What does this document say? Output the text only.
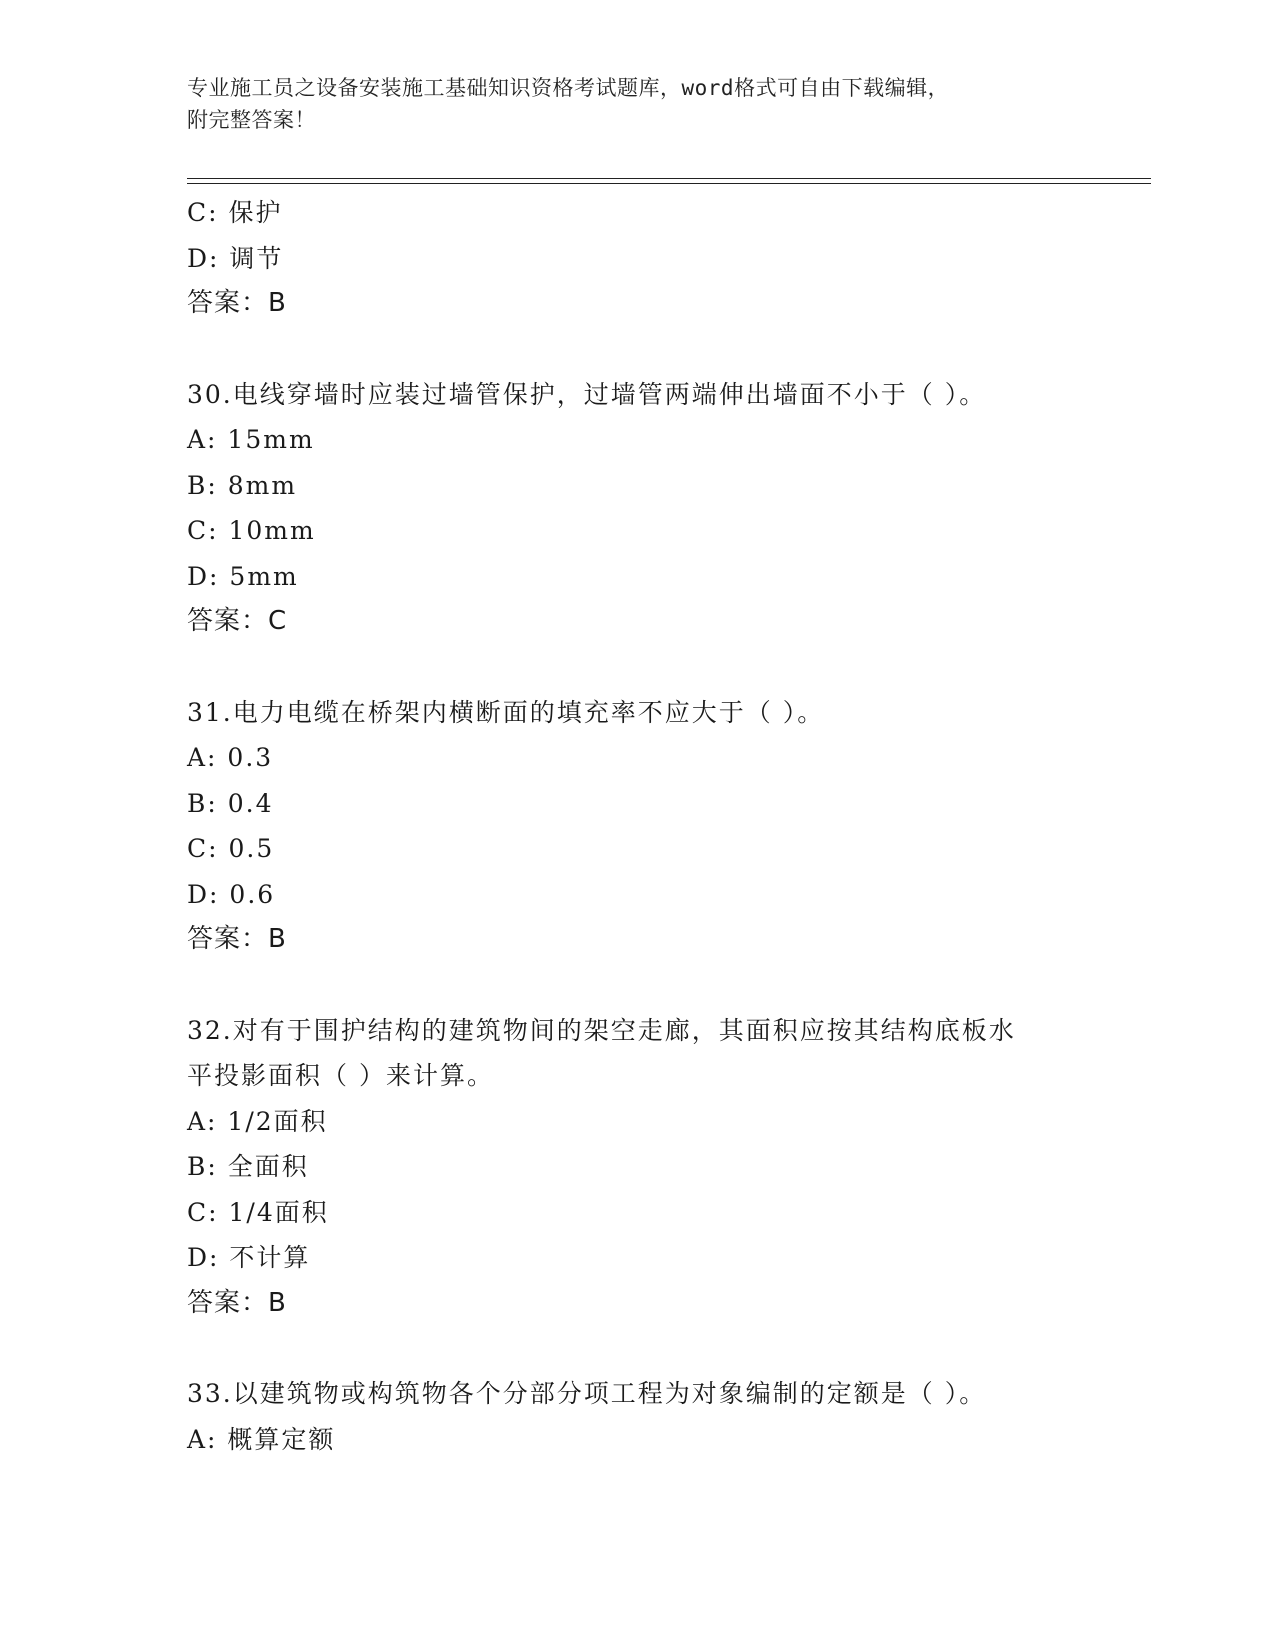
专业施工员之设备安装施工基础知识资格考试题库，word格式可自由下载编辑，
附完整答案！
C: 保护
D: 调节
答案：B
30.电线穿墙时应装过墙管保护，过墙管两端伸出墙面不小于（ ）。
A: 15mm
B: 8mm
C: 10mm
D: 5mm
答案：C
31.电力电缆在桥架内横断面的填充率不应大于（ ）。
A: 0.3
B: 0.4
C: 0.5
D: 0.6
答案：B
32.对有于围护结构的建筑物间的架空走廊，其面积应按其结构底板水
平投影面积（ ）来计算。
A: 1/2面积
B: 全面积
C: 1/4面积
D: 不计算
答案：B
33.以建筑物或构筑物各个分部分项工程为对象编制的定额是（ ）。
A: 概算定额
